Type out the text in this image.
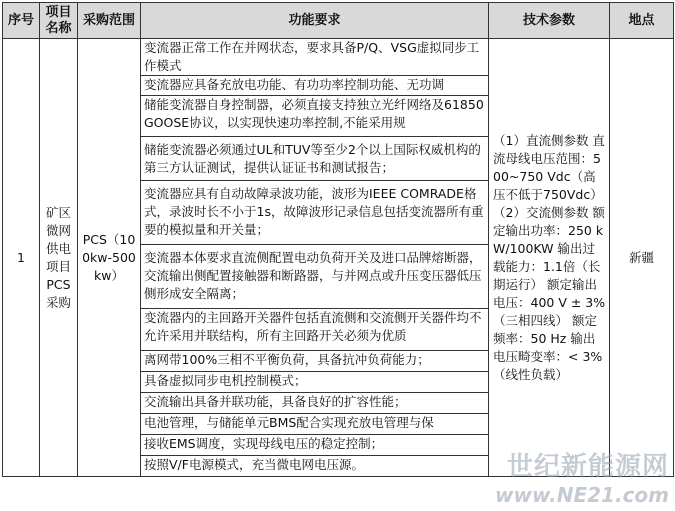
序号	项目名称	采购范围	功能要求	技术参数	地点
1	矿区微网供电项目PCS采购	PCS（100kw-500kw）	变流器正常工作在并网状态，要求具备P/Q、VSG虚拟同步工作模式	（1）直流侧参数 直流母线电压范围：500~750 Vdc（高压不低于750Vdc） （2）交流侧参数 额定输出功率：250 kW/100KW 输出过载能力：1.1倍（长期运行） 额定输出电压：400 V ± 3%（三相四线） 额定频率：50 Hz 输出电压畸变率：< 3%（线性负载）	新疆
			变流器应具备充放电功能、有功功率控制功能、无功调		
			储能变流器自身控制器，必须直接支持独立光纤网络及61850 GOOSE协议，以实现快速功率控制,不能采用规		
			储能变流器必须通过UL和TUV等至少2个以上国际权威机构的第三方认证测试，提供认证证书和测试报告；		
			变流器应具有自动故障录波功能，波形为IEEE COMRADE格式，录波时长不小于1s，故障波形记录信息包括变流器所有重要的模拟量和开关量；		
			变流器本体要求直流侧配置电动负荷开关及进口品牌熔断器，交流输出侧配置接触器和断路器，与并网点或升压变压器低压侧形成安全隔离；		
			变流器内的主回路开关器件包括直流侧和交流侧开关器件均不允许采用并联结构，所有主回路开关必须为优质		
			离网带100%三相不平衡负荷，具备抗冲负荷能力；		
			具备虚拟同步电机控制模式；		
			交流输出具备并联功能，具备良好的扩容性能；		
			电池管理，与储能单元BMS配合实现充放电管理与保		
			接收EMS调度，实现母线电压的稳定控制；		
			按照V/F电源模式，充当微电网电压源。			世纪新能源网
www.NE21.com
